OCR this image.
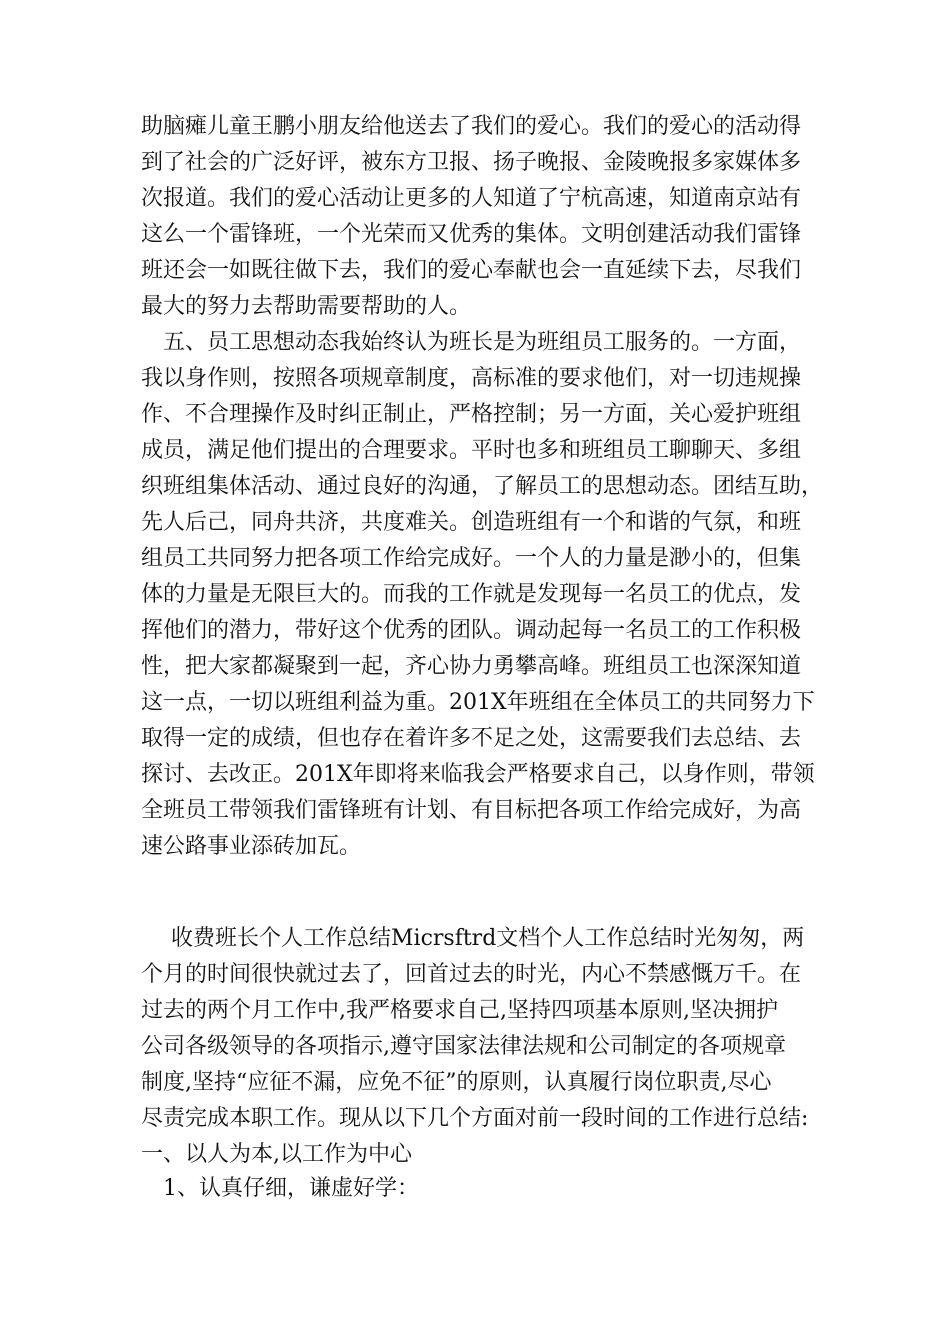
助脑瘫儿童王鹏小朋友给他送去了我们的爱心。我们的爱心的活动得

到了社会的广泛好评，被东方卫报、扬子晚报、金陵晚报多家媒体多

次报道。我们的爱心活动让更多的人知道了宁杭高速，知道南京站有

这么一个雷锋班，一个光荣而又优秀的集体。文明创建活动我们雷锋

班还会一如既往做下去，我们的爱心奉献也会一直延续下去，尽我们

最大的努力去帮助需要帮助的人。

五、员工思想动态我始终认为班长是为班组员工服务的。一方面，

我以身作则，按照各项规章制度，高标准的要求他们，对一切违规操

作、不合理操作及时纠正制止，严格控制；另一方面，关心爱护班组

成员，满足他们提出的合理要求。平时也多和班组员工聊聊天、多组

织班组集体活动、通过良好的沟通，了解员工的思想动态。团结互助，

先人后己，同舟共济，共度难关。创造班组有一个和谐的气氛，和班

组员工共同努力把各项工作给完成好。一个人的力量是渺小的，但集

体的力量是无限巨大的。而我的工作就是发现每一名员工的优点，发

挥他们的潜力，带好这个优秀的团队。调动起每一名员工的工作积极

性，把大家都凝聚到一起，齐心协力勇攀高峰。班组员工也深深知道

这一点，一切以班组利益为重。201X年班组在全体员工的共同努力下

取得一定的成绩，但也存在着许多不足之处，这需要我们去总结、去

探讨、去改正。201X年即将来临我会严格要求自己，以身作则，带领

全班员工带领我们雷锋班有计划、有目标把各项工作给完成好，为高

速公路事业添砖加瓦。

收费班长个人工作总结Micrsftrd文档个人工作总结时光匆匆，两

个月的时间很快就过去了，回首过去的时光，内心不禁感慨万千。在

过去的两个月工作中,我严格要求自己,坚持四项基本原则,坚决拥护

公司各级领导的各项指示,遵守国家法律法规和公司制定的各项规章

制度,坚持“应征不漏，应免不征”的原则，认真履行岗位职责,尽心

尽责完成本职工作。现从以下几个方面对前一段时间的工作进行总结:

一、以人为本,以工作为中心

1、认真仔细，谦虚好学：
